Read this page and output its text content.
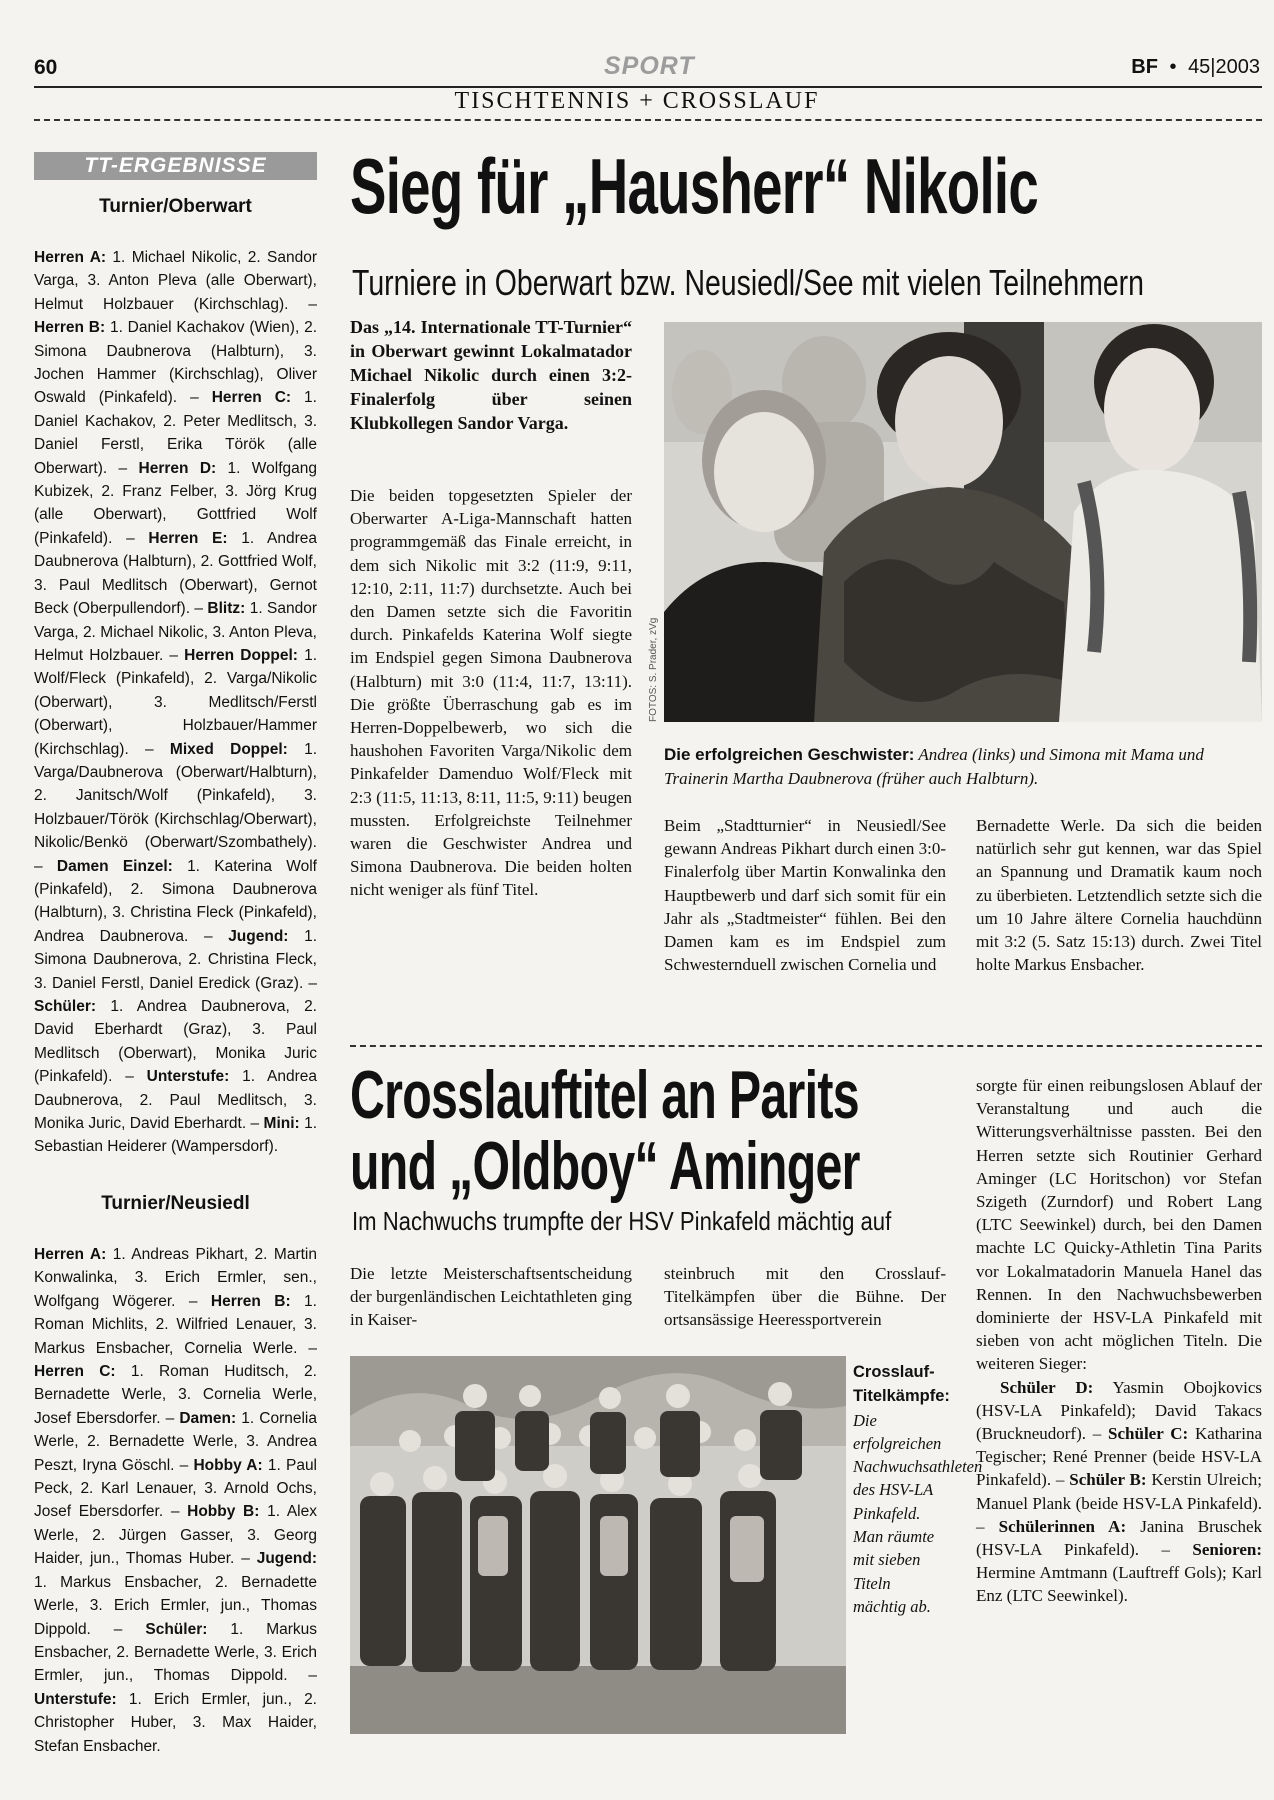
60	SPORT	BF • 45|2003
TISCHTENNIS + CROSSLAUF
TT-ERGEBNISSE
Turnier/Oberwart
Herren A: 1. Michael Nikolic, 2. Sandor Varga, 3. Anton Pleva (alle Oberwart), Helmut Holzbauer (Kirchschlag). – Herren B: 1. Daniel Kachakov (Wien), 2. Simona Daubnerova (Halbturn), 3. Jochen Hammer (Kirchschlag), Oliver Oswald (Pinkafeld). – Herren C: 1. Daniel Kachakov, 2. Peter Medlitsch, 3. Daniel Ferstl, Erika Török (alle Oberwart). – Herren D: 1. Wolfgang Kubizek, 2. Franz Felber, 3. Jörg Krug (alle Oberwart), Gottfried Wolf (Pinkafeld). – Herren E: 1. Andrea Daubnerova (Halbturn), 2. Gottfried Wolf, 3. Paul Medlitsch (Oberwart), Gernot Beck (Oberpullendorf). – Blitz: 1. Sandor Varga, 2. Michael Nikolic, 3. Anton Pleva, Helmut Holzbauer. – Herren Doppel: 1. Wolf/Fleck (Pinkafeld), 2. Varga/Nikolic (Oberwart), 3. Medlitsch/Ferstl (Oberwart), Holzbauer/Hammer (Kirchschlag). – Mixed Doppel: 1. Varga/Daubnerova (Oberwart/Halbturn), 2. Janitsch/Wolf (Pinkafeld), 3. Holzbauer/Török (Kirchschlag/Oberwart), Nikolic/Benkö (Oberwart/Szombathely). – Damen Einzel: 1. Katerina Wolf (Pinkafeld), 2. Simona Daubnerova (Halbturn), 3. Christina Fleck (Pinkafeld), Andrea Daubnerova. – Jugend: 1. Simona Daubnerova, 2. Christina Fleck, 3. Daniel Ferstl, Daniel Eredick (Graz). – Schüler: 1. Andrea Daubnerova, 2. David Eberhardt (Graz), 3. Paul Medlitsch (Oberwart), Monika Juric (Pinkafeld). – Unterstufe: 1. Andrea Daubnerova, 2. Paul Medlitsch, 3. Monika Juric, David Eberhardt. – Mini: 1. Sebastian Heiderer (Wampersdorf).
Turnier/Neusiedl
Herren A: 1. Andreas Pikhart, 2. Martin Konwalinka, 3. Erich Ermler, sen., Wolfgang Wögerer. – Herren B: 1. Roman Michlits, 2. Wilfried Lenauer, 3. Markus Ensbacher, Cornelia Werle. – Herren C: 1. Roman Huditsch, 2. Bernadette Werle, 3. Cornelia Werle, Josef Ebersdorfer. – Damen: 1. Cornelia Werle, 2. Bernadette Werle, 3. Andrea Peszt, Iryna Göschl. – Hobby A: 1. Paul Peck, 2. Karl Lenauer, 3. Arnold Ochs, Josef Ebersdorfer. – Hobby B: 1. Alex Werle, 2. Jürgen Gasser, 3. Georg Haider, jun., Thomas Huber. – Jugend: 1. Markus Ensbacher, 2. Bernadette Werle, 3. Erich Ermler, jun., Thomas Dippold. – Schüler: 1. Markus Ensbacher, 2. Bernadette Werle, 3. Erich Ermler, jun., Thomas Dippold. – Unterstufe: 1. Erich Ermler, jun., 2. Christopher Huber, 3. Max Haider, Stefan Ensbacher.
Sieg für „Hausherr“ Nikolic
Turniere in Oberwart bzw. Neusiedl/See mit vielen Teilnehmern
Das „14. Internationale TT-Turnier“ in Oberwart gewinnt Lokalmatador Michael Nikolic durch einen 3:2-Finalerfolg über seinen Klubkollegen Sandor Varga.
Die beiden topgesetzten Spieler der Oberwarter A-Liga-Mannschaft hatten programmgemäß das Finale erreicht, in dem sich Nikolic mit 3:2 (11:9, 9:11, 12:10, 2:11, 11:7) durchsetzte. Auch bei den Damen setzte sich die Favoritin durch. Pinkafelds Katerina Wolf siegte im Endspiel gegen Simona Daubnerova (Halbturn) mit 3:0 (11:4, 11:7, 13:11). Die größte Überraschung gab es im Herren-Doppelbewerb, wo sich die haushohen Favoriten Varga/Nikolic dem Pinkafelder Damenduo Wolf/Fleck mit 2:3 (11:5, 11:13, 8:11, 11:5, 9:11) beugen mussten. Erfolgreichste Teilnehmer waren die Geschwister Andrea und Simona Daubnerova. Die beiden holten nicht weniger als fünf Titel.
FOTOS: S. Prader, zVg
Die erfolgreichen Geschwister: Andrea (links) und Simona mit Mama und Trainerin Martha Daubnerova (früher auch Halbturn).
Beim „Stadtturnier“ in Neusiedl/See gewann Andreas Pikhart durch einen 3:0-Finalerfolg über Martin Konwalinka den Hauptbewerb und darf sich somit für ein Jahr als „Stadtmeister“ fühlen. Bei den Damen kam es im Endspiel zum Schwesternduell zwischen Cornelia und
Bernadette Werle. Da sich die beiden natürlich sehr gut kennen, war das Spiel an Spannung und Dramatik kaum noch zu überbieten. Letztendlich setzte sich die um 10 Jahre ältere Cornelia hauchdünn mit 3:2 (5. Satz 15:13) durch. Zwei Titel holte Markus Ensbacher.
Crosslauftitel an Parits
und „Oldboy“ Aminger
Im Nachwuchs trumpfte der HSV Pinkafeld mächtig auf
Die letzte Meisterschaftsentscheidung der burgenländischen Leichtathleten ging in Kaiser-
steinbruch mit den Crosslauf-Titelkämpfen über die Bühne. Der ortsansässige Heeressportverein
Crosslauf-Titelkämpfe: Die erfolgreichen Nachwuchsathleten des HSV-LA Pinkafeld. Man räumte mit sieben Titeln mächtig ab.
sorgte für einen reibungslosen Ablauf der Veranstaltung und auch die Witterungsverhältnisse passten. Bei den Herren setzte sich Routinier Gerhard Aminger (LC Horitschon) vor Stefan Szigeth (Zurndorf) und Robert Lang (LTC Seewinkel) durch, bei den Damen machte LC Quicky-Athletin Tina Parits vor Lokalmatadorin Manuela Hanel das Rennen. In den Nachwuchsbewerben dominierte der HSV-LA Pinkafeld mit sieben von acht möglichen Titeln. Die weiteren Sieger:
Schüler D: Yasmin Obojkovics (HSV-LA Pinkafeld); David Takacs (Bruckneudorf). – Schüler C: Katharina Tegischer; René Prenner (beide HSV-LA Pinkafeld). – Schüler B: Kerstin Ulreich; Manuel Plank (beide HSV-LA Pinkafeld). – Schülerinnen A: Janina Bruschek (HSV-LA Pinkafeld). – Senioren: Hermine Amtmann (Lauftreff Gols); Karl Enz (LTC Seewinkel).
